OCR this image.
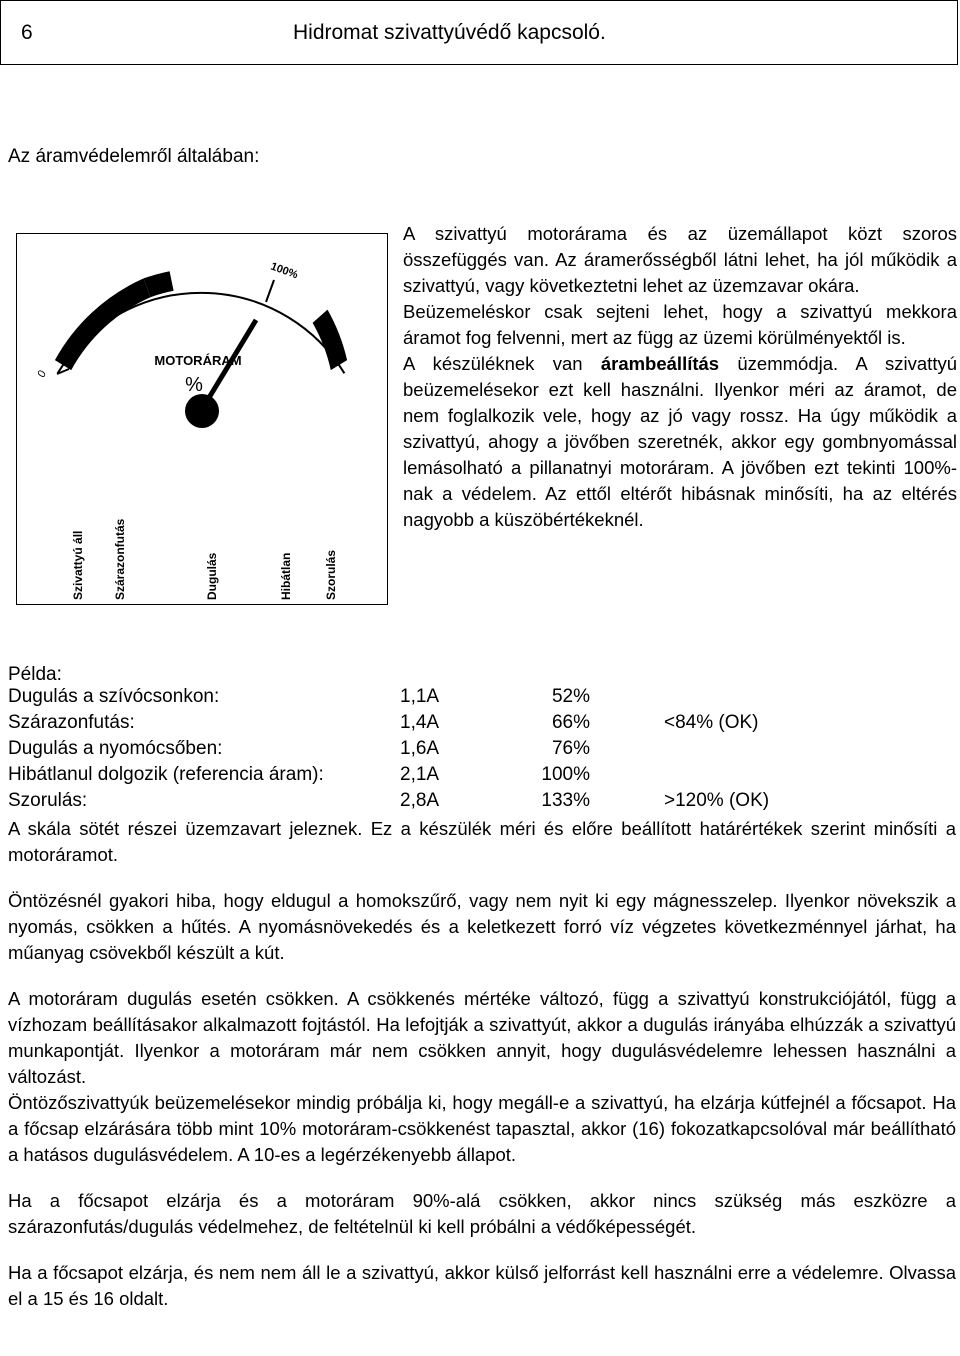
6	Hidromat szivattyúvédő kapcsoló.
Az áramvédelemről általában:
0
100%
MOTORÁRAM
%
Szivattyú áll Szárazonfutás	Dugulás	Hibátlan	Szorulás

A szivattyú motorárama és az üzemállapot közt szoros összefüggés van. Az áramerősségből látni lehet, ha jól működik a szivattyú, vagy következtetni lehet az üzemzavar okára.

Beüzemeléskor csak sejteni lehet, hogy a szivattyú mekkora áramot fog felvenni, mert az függ az üzemi körülményektől is.

A készüléknek van árambeállítás üzemmódja. A szivattyú beüzemelésekor ezt kell használni. Ilyenkor méri az áramot, de nem foglalkozik vele, hogy az jó vagy rossz. Ha úgy működik a szivattyú, ahogy a jövőben szeretnék, akkor egy gombnyomással lemásolható a pillanatnyi motoráram. A jövőben ezt tekinti 100%-nak a védelem. Az ettől eltérőt hibásnak minősíti, ha az eltérés nagyobb a küszöbértékeknél.

Példa:
Dugulás a szívócsonkon:	1,1A	52%
Szárazonfutás:	1,4A	66%	<84% (OK)
Dugulás a nyomócsőben:	1,6A	76%
Hibátlanul dolgozik (referencia áram):	2,1A	100%
Szorulás:	2,8A	133%	>120% (OK)

A skála sötét részei üzemzavart jeleznek. Ez a készülék méri és előre beállított határértékek szerint minősíti a motoráramot.

Öntözésnél gyakori hiba, hogy eldugul a homokszűrő, vagy nem nyit ki egy mágnesszelep. Ilyenkor növekszik a nyomás, csökken a hűtés. A nyomásnövekedés és a keletkezett forró víz végzetes következménnyel járhat, ha műanyag csövekből készült a kút.

A motoráram dugulás esetén csökken. A csökkenés mértéke változó, függ a szivattyú konstrukciójától, függ a vízhozam beállításakor alkalmazott fojtástól. Ha lefojtják a szivattyút, akkor a dugulás irányába elhúzzák a szivattyú munkapontját. Ilyenkor a motoráram már nem csökken annyit, hogy dugulásvédelemre lehessen használni a változást.

Öntözőszivattyúk beüzemelésekor mindig próbálja ki, hogy megáll-e a szivattyú, ha elzárja kútfejnél a főcsapot. Ha a főcsap elzárására több mint 10% motoráram-csökkenést tapasztal, akkor (16) fokozatkapcsolóval már beállítható a hatásos dugulásvédelem. A 10-es a legérzékenyebb állapot.

Ha a főcsapot elzárja és a motoráram 90%-alá csökken, akkor nincs szükség más eszközre a szárazonfutás/dugulás védelmehez, de feltételnül ki kell próbálni a védőképességét.

Ha a főcsapot elzárja, és nem nem áll le a szivattyú, akkor külső jelforrást kell használni erre a védelemre. Olvassa el a 15 és 16 oldalt.
